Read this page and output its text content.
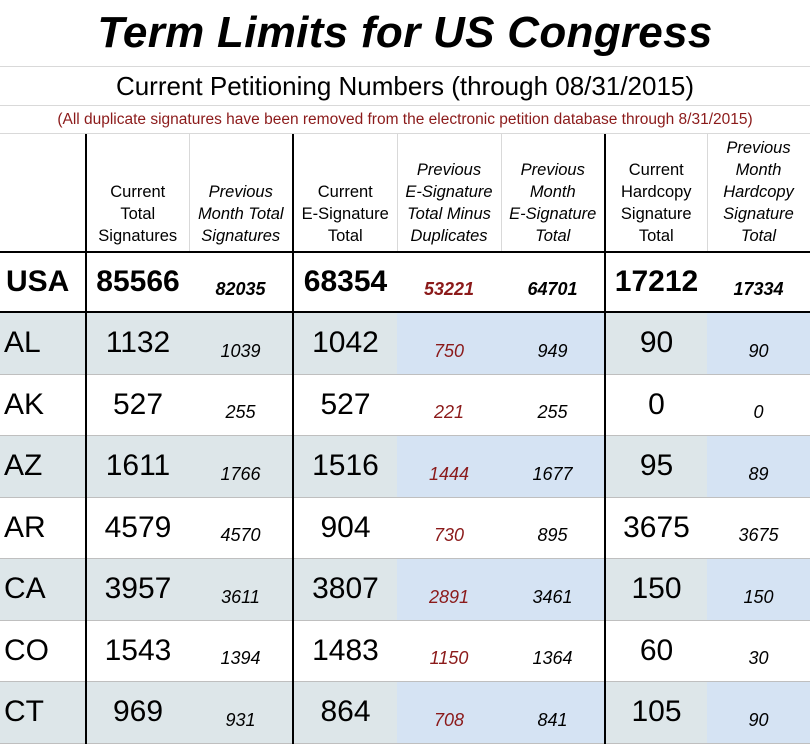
Term Limits for US Congress
Current Petitioning Numbers (through 08/31/2015)
(All duplicate signatures have been removed from the electronic petition database through 8/31/2015)
	Current
Total
Signatures	Previous
Month Total
Signatures	Current
E-Signature
Total	Previous
E-Signature
Total Minus
Duplicates	Previous
Month
E-Signature
Total	Current
Hardcopy
Signature
Total	Previous
Month
Hardcopy
Signature
Total
USA	85566	82035	68354	53221	64701	17212	17334
AL	1132	1039	1042	750	949	90	90
AK	527	255	527	221	255	0	0
AZ	1611	1766	1516	1444	1677	95	89
AR	4579	4570	904	730	895	3675	3675
CA	3957	3611	3807	2891	3461	150	150
CO	1543	1394	1483	1150	1364	60	30
CT	969	931	864	708	841	105	90
